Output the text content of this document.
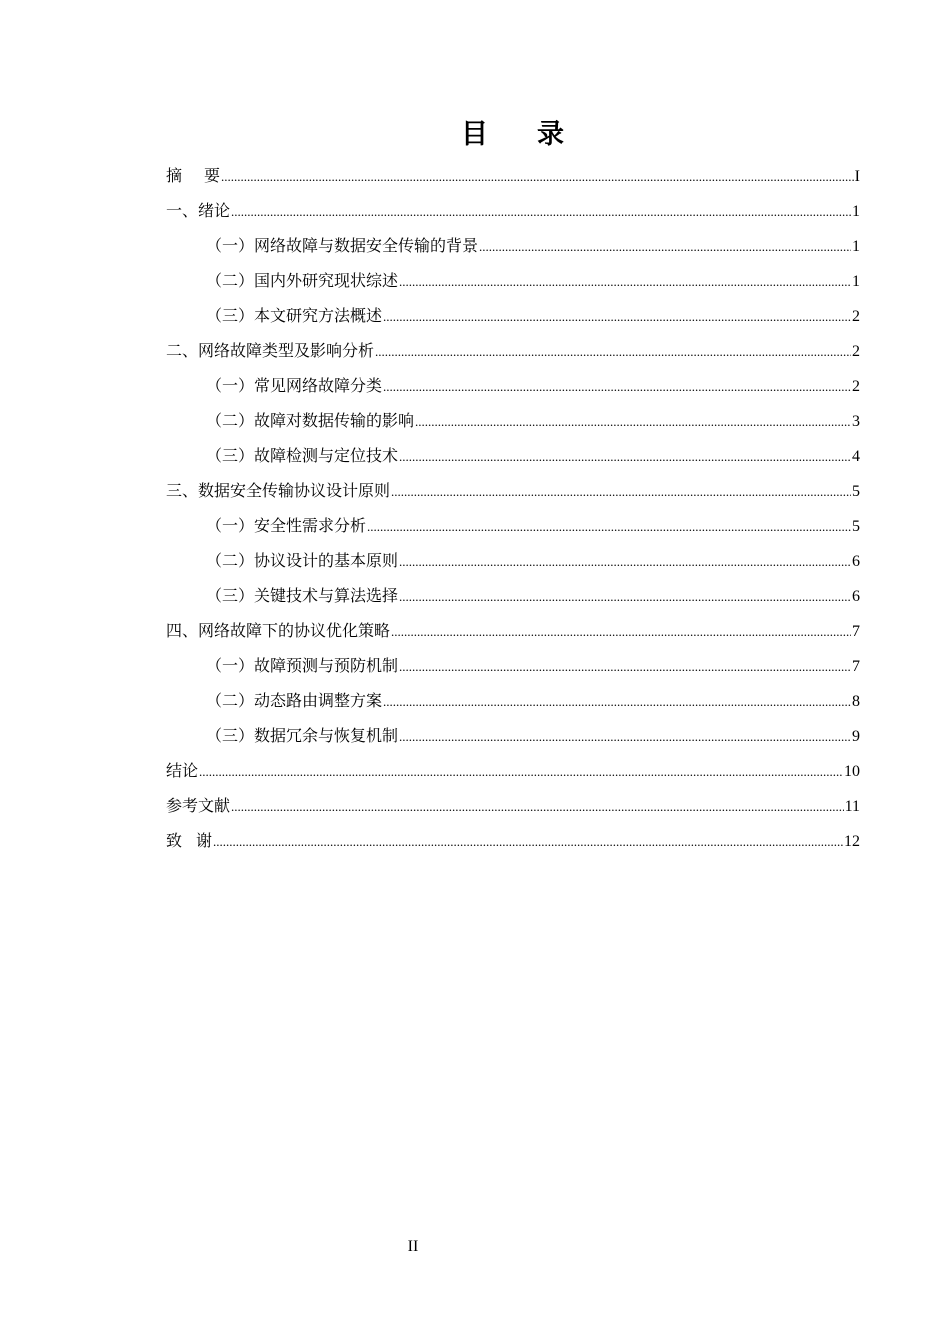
目 录
摘 要 .....	I
一、绪论 .....	1
（一）网络故障与数据安全传输的背景 .....	1
（二）国内外研究现状综述 .....	1
（三）本文研究方法概述 .....	2
二、网络故障类型及影响分析 .....	2
（一）常见网络故障分类 .....	2
（二）故障对数据传输的影响 .....	3
（三）故障检测与定位技术 .....	4
三、数据安全传输协议设计原则 .....	5
（一）安全性需求分析 .....	5
（二）协议设计的基本原则 .....	6
（三）关键技术与算法选择 .....	6
四、网络故障下的协议优化策略 .....	7
（一）故障预测与预防机制 .....	7
（二）动态路由调整方案 .....	8
（三）数据冗余与恢复机制 .....	9
结论 .....	10
参考文献 .....	11
致 谢 .....	12
II
